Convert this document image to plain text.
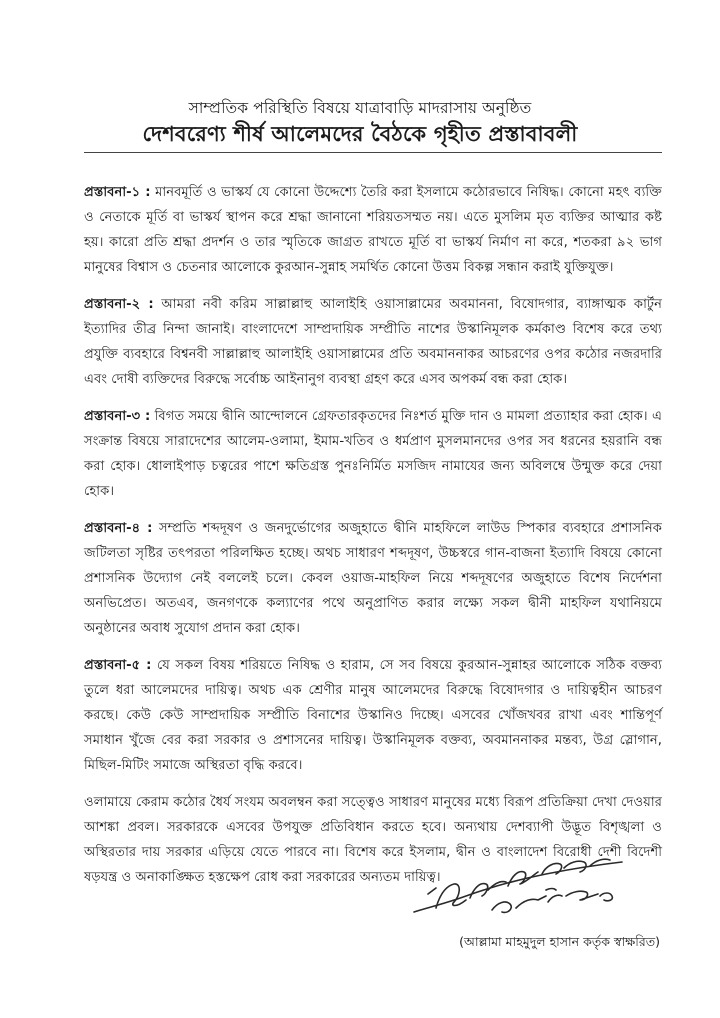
সাম্প্রতিক পরিস্থিতি বিষয়ে যাত্রাবাড়ি মাদরাসায় অনুষ্ঠিত
দেশবরেণ্য শীর্ষ আলেমদের বৈঠকে গৃহীত প্রস্তাবাবলী

প্রস্তাবনা-১ : মানবমূর্তি ও ভাস্কর্য যে কোনো উদ্দেশ্যে তৈরি করা ইসলামে কঠোরভাবে নিষিদ্ধ। কোনো মহৎ ব্যক্তি ও নেতাকে মূর্তি বা ভাস্কর্য স্থাপন করে শ্রদ্ধা জানানো শরিয়তসম্মত নয়। এতে মুসলিম মৃত ব্যক্তির আত্মার কষ্ট হয়। কারো প্রতি শ্রদ্ধা প্রদর্শন ও তার স্মৃতিকে জাগ্রত রাখতে মূর্তি বা ভাস্কর্য নির্মাণ না করে, শতকরা ৯২ ভাগ মানুষের বিশ্বাস ও চেতনার আলোকে কুরআন-সুন্নাহ সমর্থিত কোনো উত্তম বিকল্প সন্ধান করাই যুক্তিযুক্ত।

প্রস্তাবনা-২ : আমরা নবী করিম সাল্লাল্লাহু আলাইহি ওয়াসাল্লামের অবমাননা, বিষোদগার, ব্যাঙ্গাত্মক কার্টুন ইত্যাদির তীব্র নিন্দা জানাই। বাংলাদেশে সাম্প্রদায়িক সম্প্রীতি নাশের উস্কানিমূলক কর্মকাণ্ড বিশেষ করে তথ্য প্রযুক্তি ব্যবহারে বিশ্বনবী সাল্লাল্লাহু আলাইহি ওয়াসাল্লামের প্রতি অবমাননাকর আচরণের ওপর কঠোর নজরদারি এবং দোষী ব্যক্তিদের বিরুদ্ধে সর্বোচ্চ আইনানুগ ব্যবস্থা গ্রহণ করে এসব অপকর্ম বন্ধ করা হোক।

প্রস্তাবনা-৩ : বিগত সময়ে দ্বীনি আন্দোলনে গ্রেফতারকৃতদের নিঃশর্ত মুক্তি দান ও মামলা প্রত্যাহার করা হোক। এ সংক্রান্ত বিষয়ে সারাদেশের আলেম-ওলামা, ইমাম-খতিব ও ধর্মপ্রাণ মুসলমানদের ওপর সব ধরনের হয়রানি বন্ধ করা হোক। ধোলাইপাড় চত্বরের পাশে ক্ষতিগ্রস্ত পুনঃনির্মিত মসজিদ নামাযের জন্য অবিলম্বে উন্মুক্ত করে দেয়া হোক।

প্রস্তাবনা-৪ : সম্প্রতি শব্দদূষণ ও জনদুর্ভোগের অজুহাতে দ্বীনি মাহফিলে লাউড স্পিকার ব্যবহারে প্রশাসনিক জটিলতা সৃষ্টির তৎপরতা পরিলক্ষিত হচ্ছে। অথচ সাধারণ শব্দদূষণ, উচ্চস্বরে গান-বাজনা ইত্যাদি বিষয়ে কোনো প্রশাসনিক উদ্যোগ নেই বললেই চলে। কেবল ওয়াজ-মাহফিল নিয়ে শব্দদূষণের অজুহাতে বিশেষ নির্দেশনা অনভিপ্রেত। অতএব, জনগণকে কল্যাণের পথে অনুপ্রাণিত করার লক্ষ্যে সকল দ্বীনী মাহফিল যথানিয়মে অনুষ্ঠানের অবাধ সুযোগ প্রদান করা হোক।

প্রস্তাবনা-৫ : যে সকল বিষয় শরিয়তে নিষিদ্ধ ও হারাম, সে সব বিষয়ে কুরআন-সুন্নাহর আলোকে সঠিক বক্তব্য তুলে ধরা আলেমদের দায়িত্ব। অথচ এক শ্রেণীর মানুষ আলেমদের বিরুদ্ধে বিষোদগার ও দায়িত্বহীন আচরণ করছে। কেউ কেউ সাম্প্রদায়িক সম্প্রীতি বিনাশের উস্কানিও দিচ্ছে। এসবের খোঁজখবর রাখা এবং শান্তিপূর্ণ সমাধান খুঁজে বের করা সরকার ও প্রশাসনের দায়িত্ব। উস্কানিমূলক বক্তব্য, অবমাননাকর মন্তব্য, উগ্র স্লোগান, মিছিল-মিটিং সমাজে অস্থিরতা বৃদ্ধি করবে।

ওলামায়ে কেরাম কঠোর ধৈর্য সংযম অবলম্বন করা সত্ত্বেও সাধারণ মানুষের মধ্যে বিরূপ প্রতিক্রিয়া দেখা দেওয়ার আশঙ্কা প্রবল। সরকারকে এসবের উপযুক্ত প্রতিবিধান করতে হবে। অন্যথায় দেশব্যাপী উদ্ভূত বিশৃঙ্খলা ও অস্থিরতার দায় সরকার এড়িয়ে যেতে পারবে না। বিশেষ করে ইসলাম, দ্বীন ও বাংলাদেশ বিরোধী দেশী বিদেশী ষড়যন্ত্র ও অনাকাঙ্ক্ষিত হস্তক্ষেপ রোধ করা সরকারের অন্যতম দায়িত্ব।

(আল্লামা মাহমুদুল হাসান কর্তৃক স্বাক্ষরিত)
